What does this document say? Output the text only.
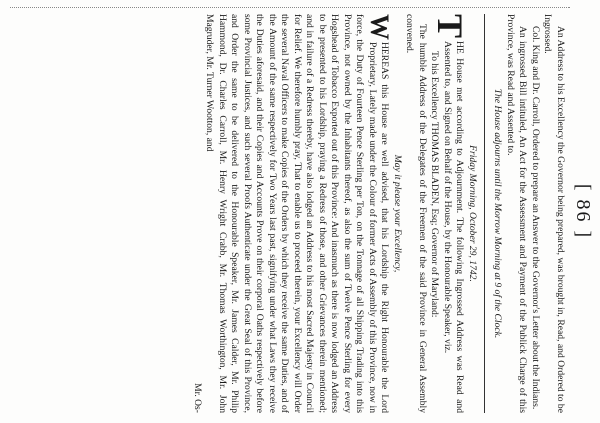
[ 86 ]

An Address to his Excellency the Governor being prepared, was brought in, Read, and Ordered to be Ingrossed.

Col. King and Dr. Carroll, Ordered to prepare an Answer to the Governor's Letter about the Indians.

An ingrossed Bill intituled, An Act for the Assessment and Payment of the Publick Charge of this Province, was Read and Assented to.

The House adjourns until the Morrow Morning at 9 of the Clock.

Friday Morning, October 29, 1742.

T
HE House met according to Adjournment. The following Ingrossed Address was Read and Assented to, and Signed on Behalf of the House, by the Honourable Speaker, viz.

To his Excellency THOMAS BLADEN, Esq; Governor of Maryland:

The humble Address of the Delegates of the Freemen of the said Province in General Assembly convened.

May it please your Excellency,

W
HEREAS this House are well advised, that his Lordship the Right Honourable the Lord Proprietary, Lately made under the Colour of former Acts of Assembly of this Province, now in force, the Duty of Fourteen Pence Sterling per Ton, on the Tonnage of all Shipping Trading into this Province, not owned by the Inhabitants thereof, as also the sum of Twelve Pence Sterling for every Hogshead of Tobacco Exported out of this Province: And inasmuch as there is now lodged an Address to be presented to his Lordship, praying a Redress of those, and other Grievances therein mentioned; and in failure of a Redress thereby, have also lodged an Address to his most Sacred Majesty in Council for Relief. We therefore humbly pray, That to enable us to proceed therein, your Excellency will Order the several Naval Officers to make Copies of the Orders by which they receive the same Duties, and of the Amount of the same respectively for Two Years last past, signifying under what Laws they receive the Duties aforesaid, and their Copies and Accounts Prove on their corporal Oaths respectively before some Provincial Justices, and such several Proofs Authenticate under the Great Seal of this Province, and Order the same to be delivered to the Honourable Speaker, Mr. James Calder, Mr. Philip Hammond, Dr. Charles Carroll, Mr. Henry Wright Crabb, Mr. Thomas Worthington, Mr. John Magruder, Mr. Turner Wootton, and

Mr. Os-
